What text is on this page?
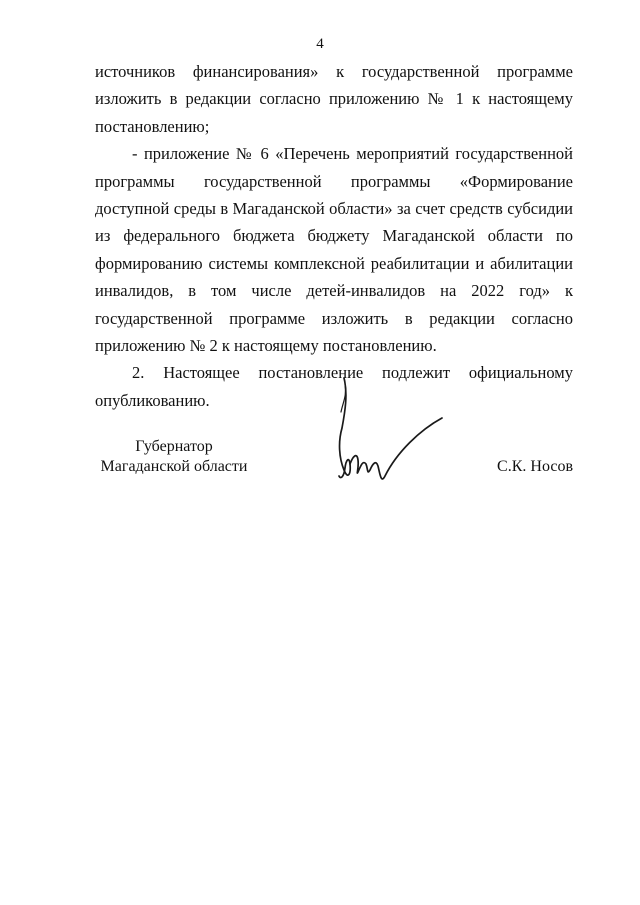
4

источников финансирования» к государственной программе изложить в редакции согласно приложению № 1 к настоящему постановлению;

- приложение № 6 «Перечень мероприятий государственной программы государственной программы «Формирование доступной среды в Магаданской области» за счет средств субсидии из федерального бюджета бюджету Магаданской области по формированию системы комплексной реабилитации и абилитации инвалидов, в том числе детей-инвалидов на 2022 год» к государственной программе изложить в редакции согласно приложению № 2 к настоящему постановлению.

2. Настоящее постановление подлежит официальному опубликованию.

Губернатор
Магаданской области	С.К. Носов
